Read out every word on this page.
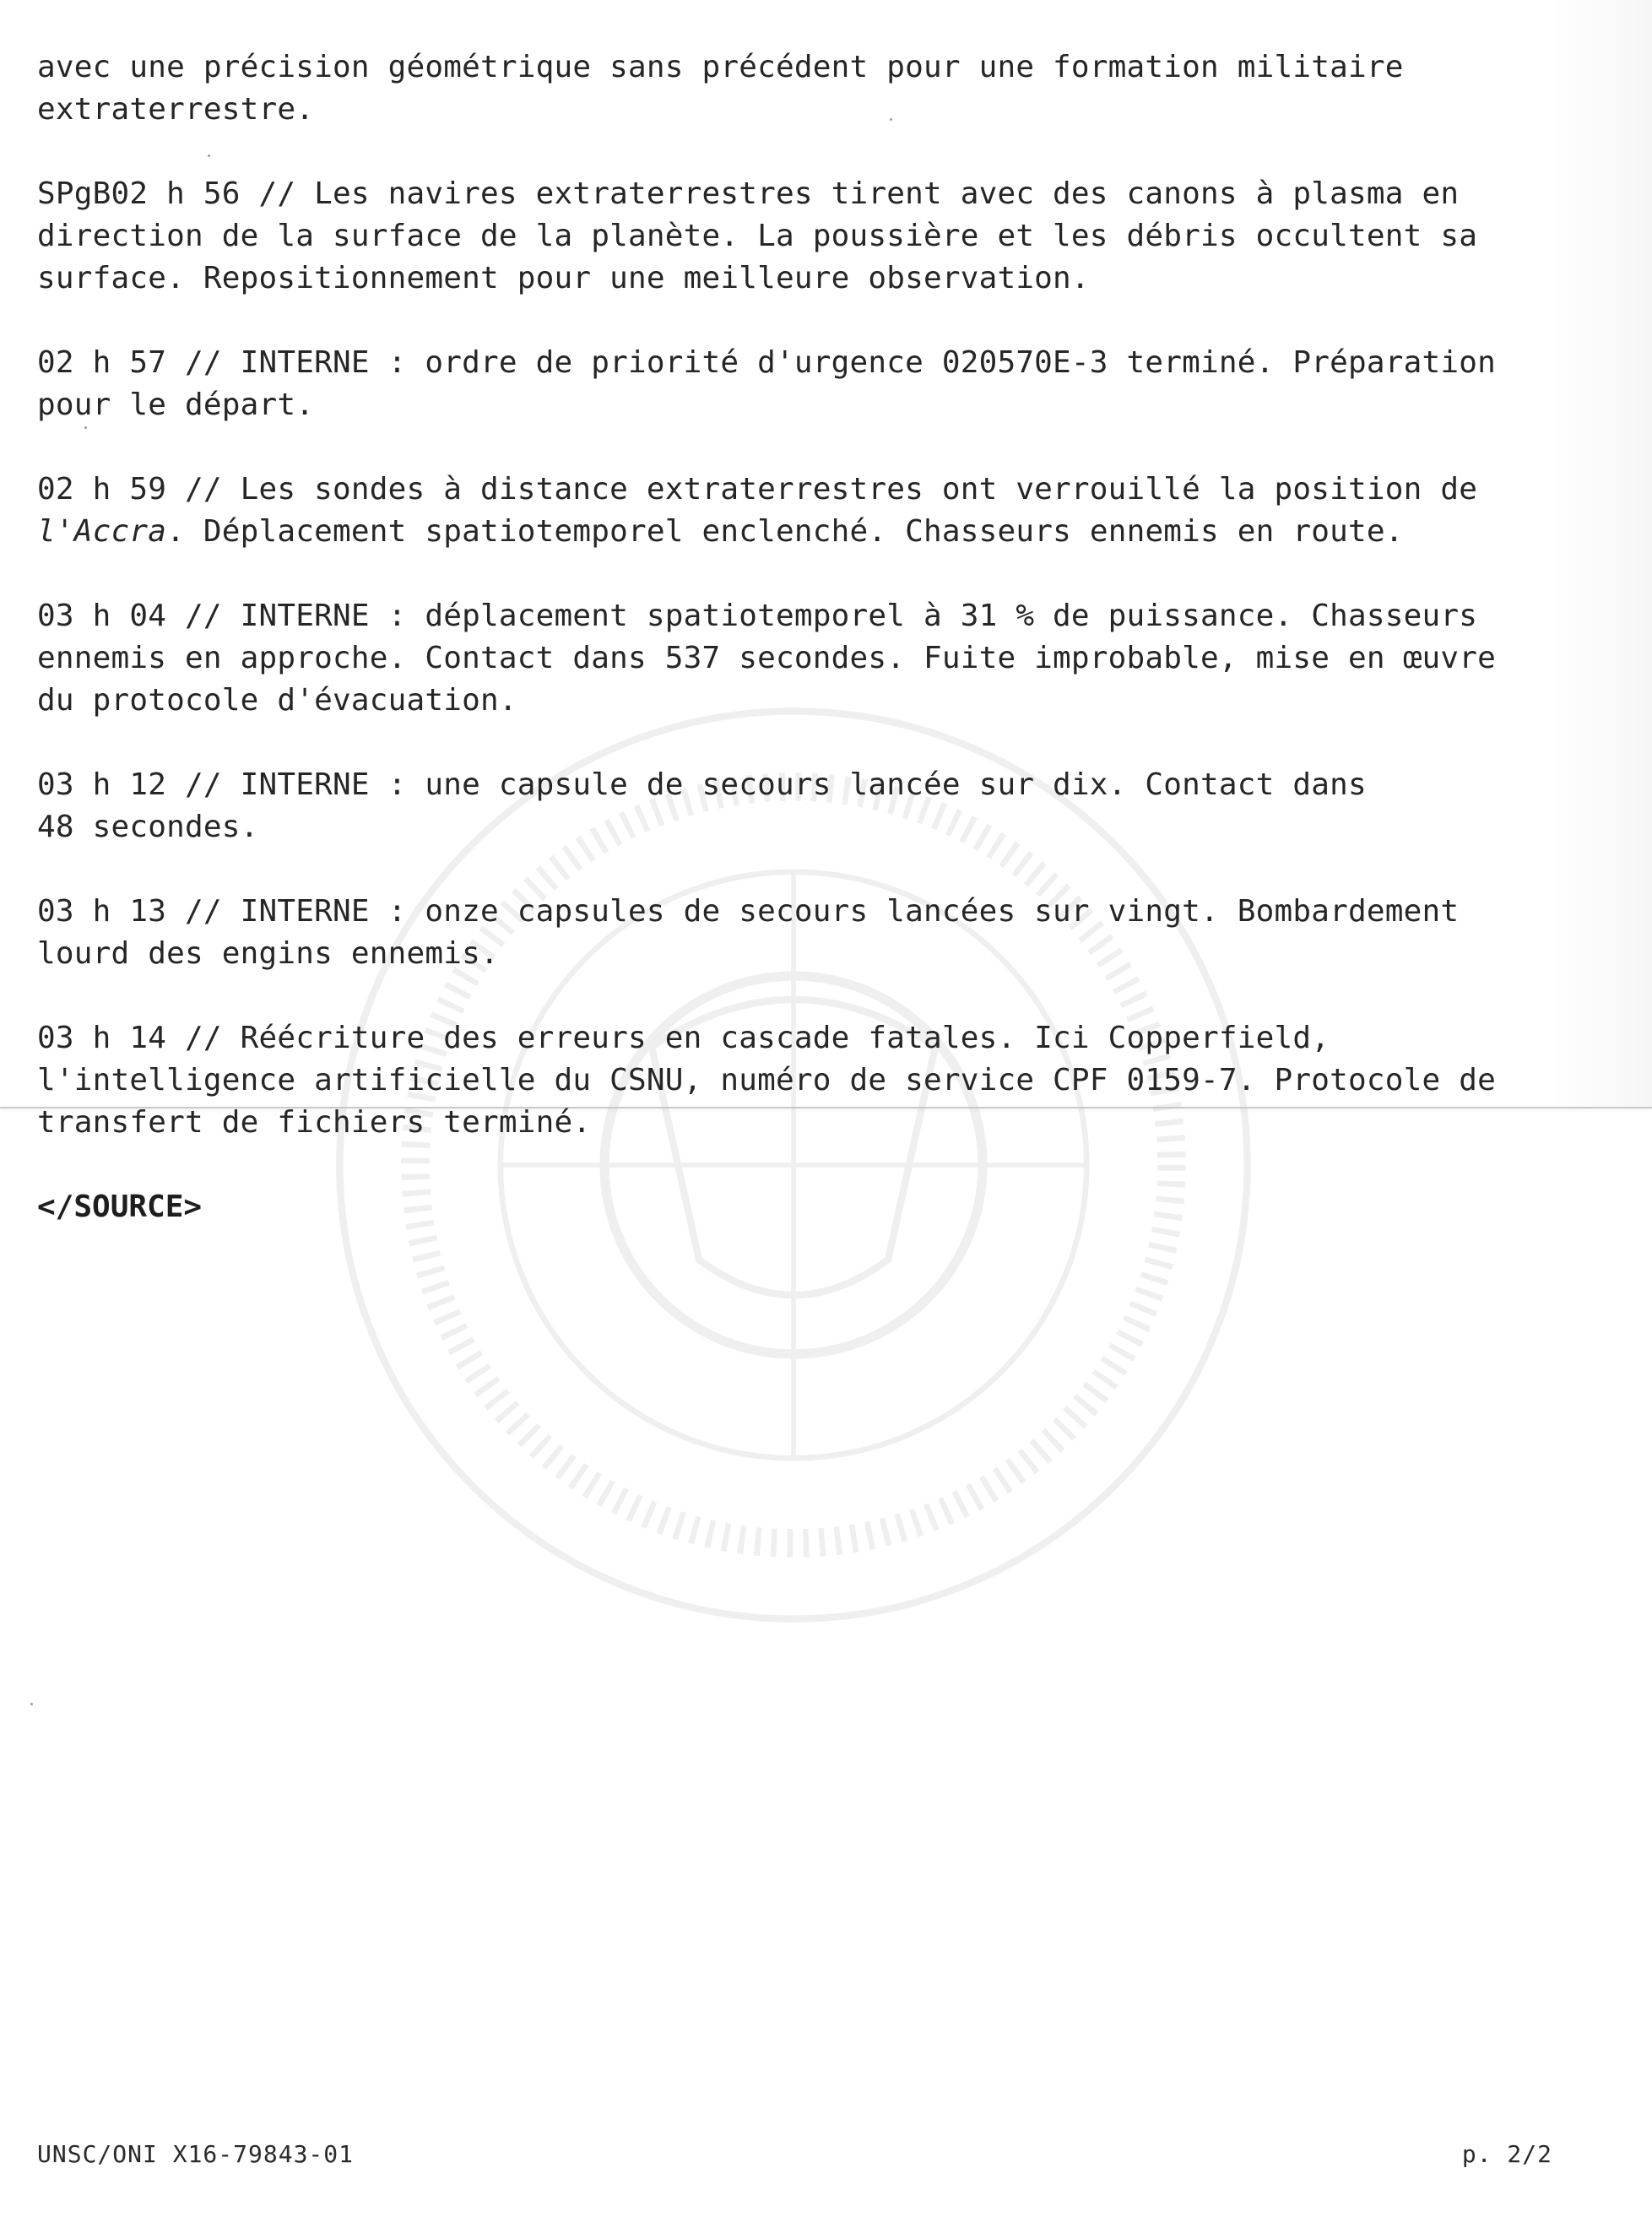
avec une précision géométrique sans précédent pour une formation militaire
extraterrestre.

SPgB02 h 56 // Les navires extraterrestres tirent avec des canons à plasma en
direction de la surface de la planète. La poussière et les débris occultent sa
surface. Repositionnement pour une meilleure observation.

02 h 57 // INTERNE : ordre de priorité d'urgence 020570E-3 terminé. Préparation
pour le départ.

02 h 59 // Les sondes à distance extraterrestres ont verrouillé la position de
l'Accra. Déplacement spatiotemporel enclenché. Chasseurs ennemis en route.

03 h 04 // INTERNE : déplacement spatiotemporel à 31 % de puissance. Chasseurs
ennemis en approche. Contact dans 537 secondes. Fuite improbable, mise en œuvre
du protocole d'évacuation.

03 h 12 // INTERNE : une capsule de secours lancée sur dix. Contact dans
48 secondes.

03 h 13 // INTERNE : onze capsules de secours lancées sur vingt. Bombardement
lourd des engins ennemis.

03 h 14 // Réécriture des erreurs en cascade fatales. Ici Copperfield,
l'intelligence artificielle du CSNU, numéro de service CPF 0159-7. Protocole de
transfert de fichiers terminé.

</SOURCE>

UNSC/ONI X16-79843-01	p. 2/2
